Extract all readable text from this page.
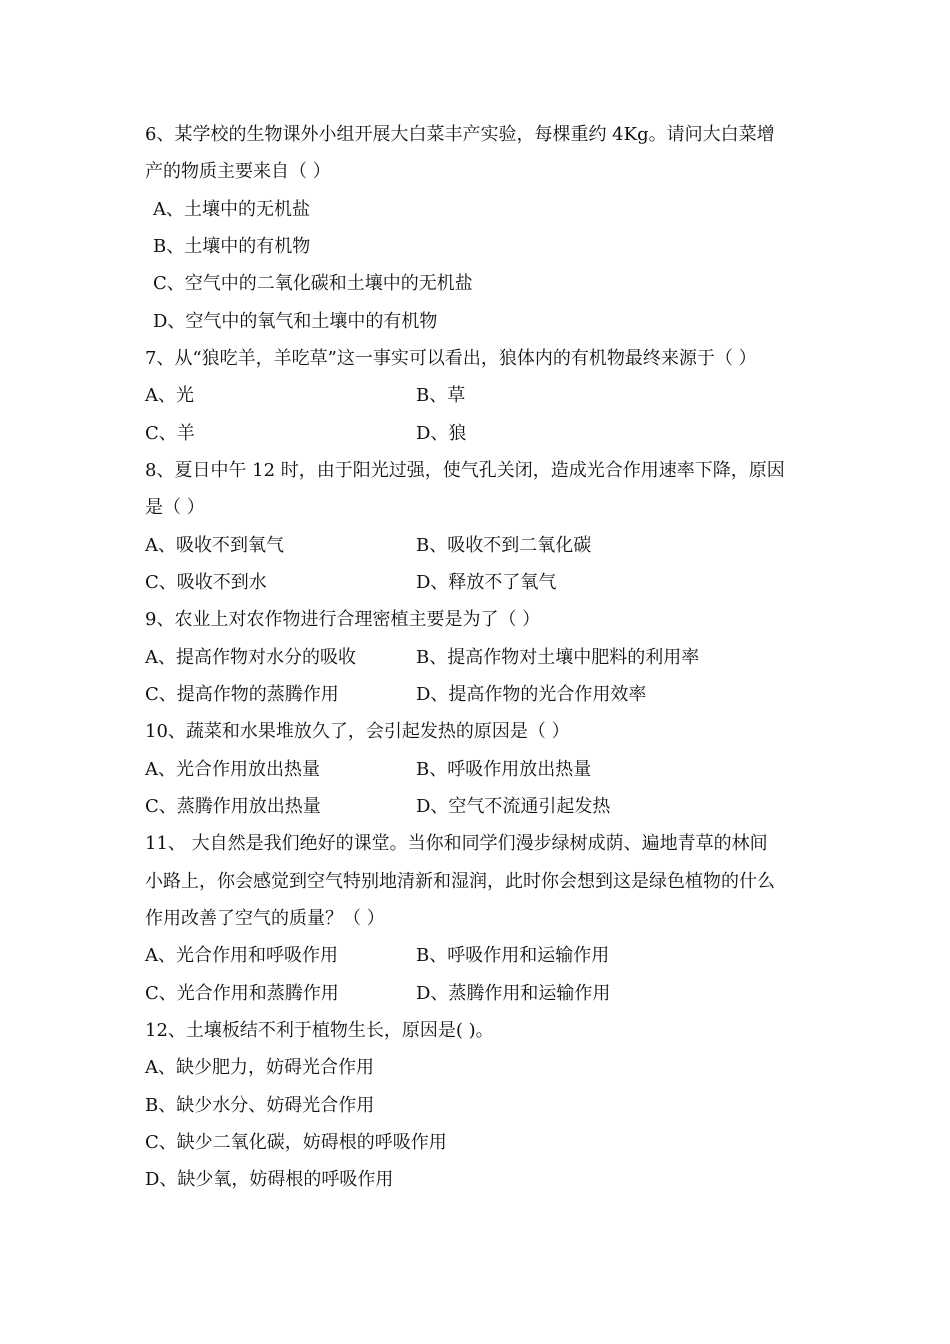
6、某学校的生物课外小组开展大白菜丰产实验，每棵重约 4Kg。请问大白菜增
产的物质主要来自（ ）
A、土壤中的无机盐
B、土壤中的有机物
C、空气中的二氧化碳和土壤中的无机盐
D、空气中的氧气和土壤中的有机物
7、从“狼吃羊，羊吃草”这一事实可以看出，狼体内的有机物最终来源于（ ）
A、光	B、草
C、羊	D、狼
8、夏日中午 12 时，由于阳光过强，使气孔关闭，造成光合作用速率下降，原因
是（ ）
A、吸收不到氧气	B、吸收不到二氧化碳
C、吸收不到水	D、释放不了氧气
9、农业上对农作物进行合理密植主要是为了（ ）
A、提高作物对水分的吸收	B、提高作物对土壤中肥料的利用率
C、提高作物的蒸腾作用	D、提高作物的光合作用效率
10、蔬菜和水果堆放久了，会引起发热的原因是（ ）
A、光合作用放出热量	B、呼吸作用放出热量
C、蒸腾作用放出热量	D、空气不流通引起发热
11、 大自然是我们绝好的课堂。当你和同学们漫步绿树成荫、遍地青草的林间
小路上，你会感觉到空气特别地清新和湿润，此时你会想到这是绿色植物的什么
作用改善了空气的质量？（ ）
A、光合作用和呼吸作用	B、呼吸作用和运输作用
C、光合作用和蒸腾作用	D、蒸腾作用和运输作用
12、土壤板结不利于植物生长，原因是( )。
A、缺少肥力，妨碍光合作用
B、缺少水分、妨碍光合作用
C、缺少二氧化碳，妨碍根的呼吸作用
D、缺少氧，妨碍根的呼吸作用
